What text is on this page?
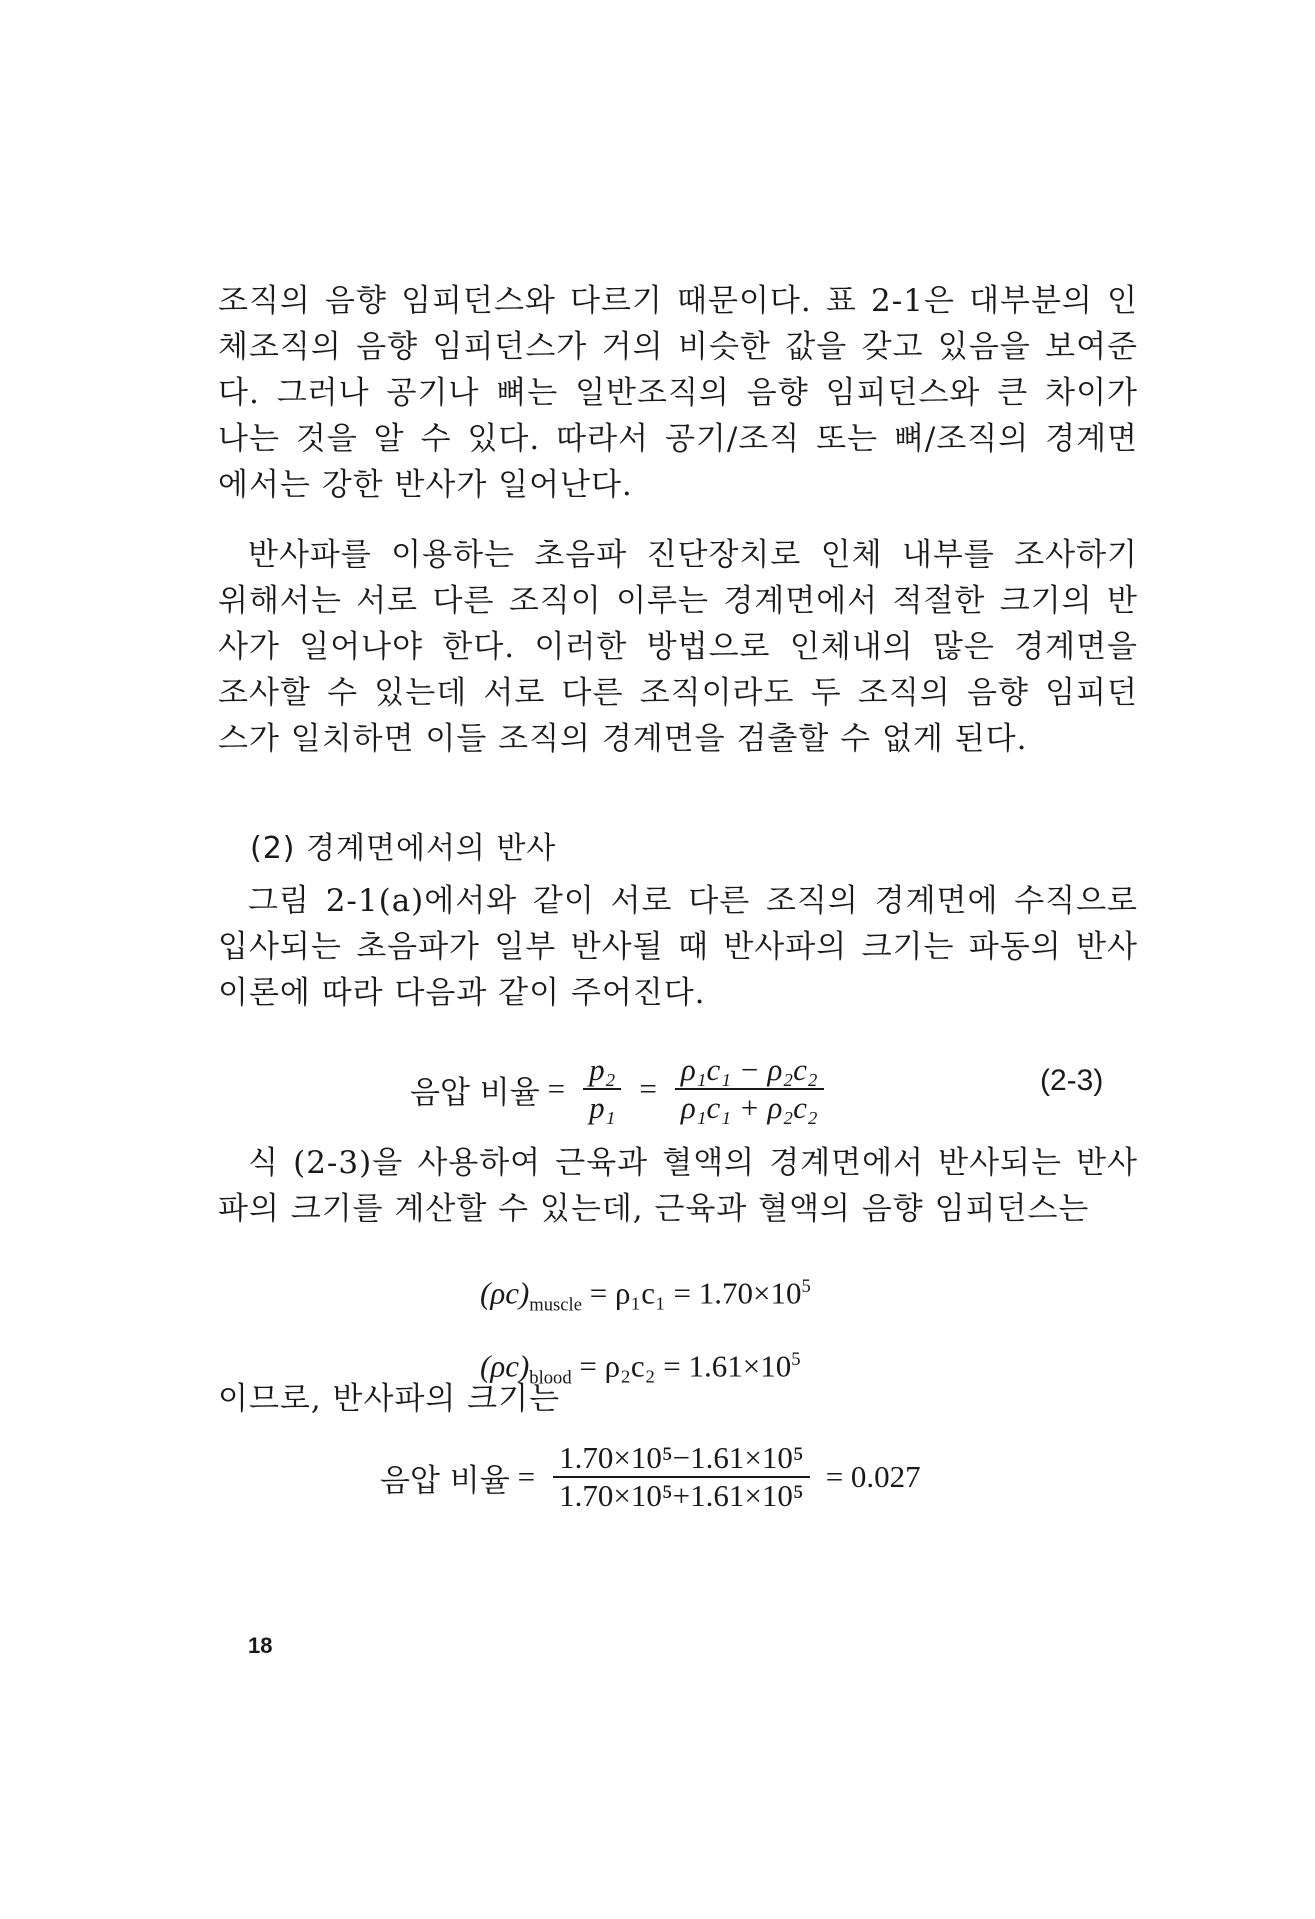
조직의 음향 임피던스와 다르기 때문이다. 표 2-1은 대부분의 인
체조직의 음향 임피던스가 거의 비슷한 값을 갖고 있음을 보여준
다. 그러나 공기나 뼈는 일반조직의 음향 임피던스와 큰 차이가
나는 것을 알 수 있다. 따라서 공기/조직 또는 뼈/조직의 경계면
에서는 강한 반사가 일어난다.
반사파를 이용하는 초음파 진단장치로 인체 내부를 조사하기
위해서는 서로 다른 조직이 이루는 경계면에서 적절한 크기의 반
사가 일어나야 한다. 이러한 방법으로 인체내의 많은 경계면을
조사할 수 있는데 서로 다른 조직이라도 두 조직의 음향 임피던
스가 일치하면 이들 조직의 경계면을 검출할 수 없게 된다.
(2) 경계면에서의 반사
그림 2-1(a)에서와 같이 서로 다른 조직의 경계면에 수직으로
입사되는 초음파가 일부 반사될 때 반사파의 크기는 파동의 반사
이론에 따라 다음과 같이 주어진다.
음압 비율 = $\frac{\text{p₂}}{\text{p₁}} = \frac{\text{ρ₁c₁ − ρ₂c₂}}{\text{ρ₁c₁ + ρ₂c₂}}$	(2-3)
식 (2-3)을 사용하여 근육과 혈액의 경계면에서 반사되는 반사
파의 크기를 계산할 수 있는데, 근육과 혈액의 음향 임피던스는
$(\rho c)_{muscle} = \rho_1c_1 = 1.70\times 10^5$
$(\rho c)_{blood} = \rho_2c_2 = 1.61\times 10^5$
이므로, 반사파의 크기는
음압 비율 = $\frac{\text{1.70×10⁵−1.61×10⁵}}{\text{1.70×10⁵+1.61×10⁵}} = 0.027$
18
